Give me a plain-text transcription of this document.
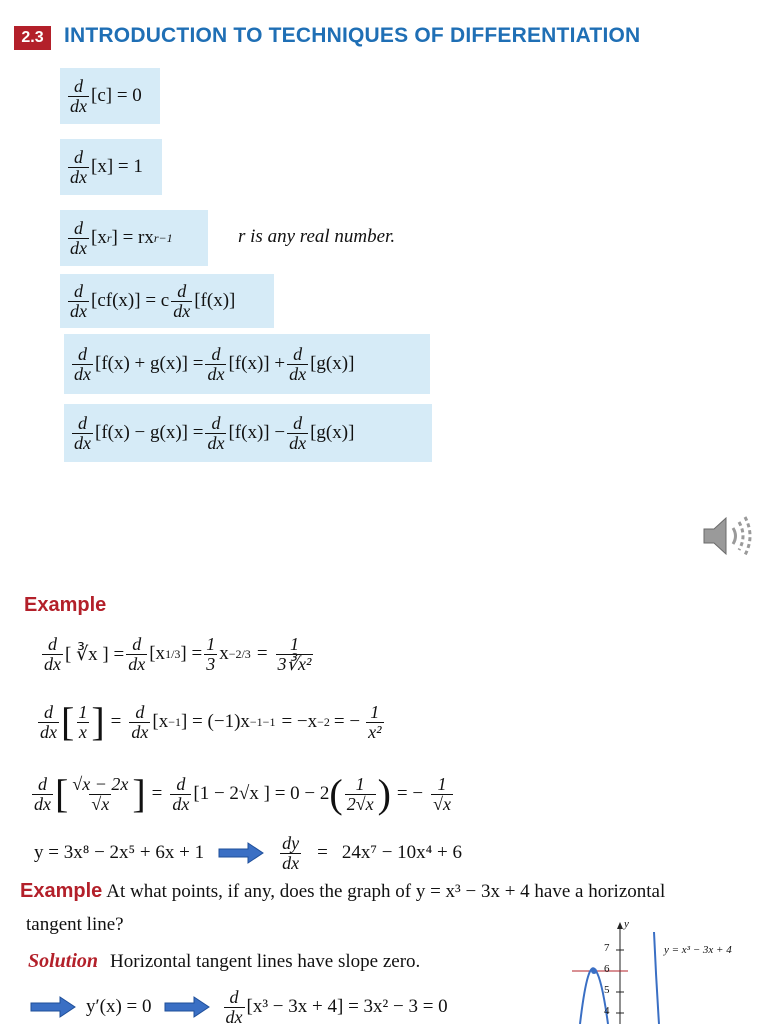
2.3 INTRODUCTION TO TECHNIQUES OF DIFFERENTIATION
$\frac{d}{dx} [c] = 0$
$\frac{d}{dx} [x] = 1$
$\frac{d}{dx} [x$ r ] = rx r−1	r is any real number.
$\frac{d}{dx} [cf(x)] = c \frac{d}{dx} [f(x)]$
$\frac{d}{dx} [f(x) + g(x)] = \frac{d}{dx} [f(x)] + \frac{d}{dx} [g(x)]$
$\frac{d}{dx} [f(x) - g(x)] = \frac{d}{dx} [f(x)] - \frac{d}{dx} [g(x)]$
Example
$\frac{d}{dx}$ [ ∛x ] = $\frac{d}{dx} [x$ 1/3 ] = $\frac{1}{3}$ $x -2/3 = \frac{1}{\text{3∛x²}}$
$\frac{d}{dx}$ [ $\frac{1}{x}$ ] = $\frac{d}{dx} [x -1$ ] = (−1)x −1−1 = −x −2 = − $\frac{1}{\text{x²}}$
$\frac{d}{dx}$ [ $\frac{√x - 2x}{√x}$ ] = $\frac{d}{dx} [1 - 2√x$ ] = 0 − 2 ( $\frac{1}{2√x}$ ) = − $\frac{1}{√x}$
y = 3x⁸ − 2x⁵ + 6x + 1	$\frac{dy}{dx} = 24x^7 - 10x^4 + 6$
Example At what points, if any, does the graph of y = x³ − 3x + 4 have a horizontal
tangent line?
Solution Horizontal tangent lines have slope zero.
y′(x) = 0	$\frac{d}{dx} [x^3 - 3x + 4] = 3x^2 - 3 = 0$
y
y = x³ − 3x + 4
7
6
5
4
